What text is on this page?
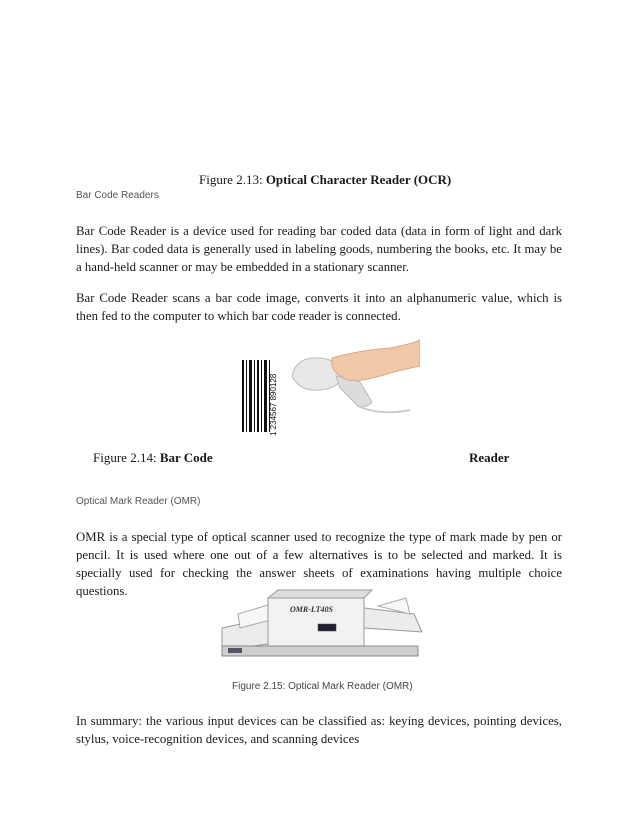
Figure 2.13: Optical Character Reader (OCR)
Bar Code Readers
Bar Code Reader is a device used for reading bar coded data (data in form of light and dark lines). Bar coded data is generally used in labeling goods, numbering the books, etc. It may be a hand-held scanner or may be embedded in a stationary scanner.
Bar Code Reader scans a bar code image, converts it into an alphanumeric value, which is then fed to the computer to which bar code reader is connected.
1 234567 890128
Figure 2.14: Bar Code	Reader
Optical Mark Reader (OMR)
OMR is a special type of optical scanner used to recognize the type of mark made by pen or pencil. It is used where one out of a few alternatives is to be selected and marked. It is specially used for checking the answer sheets of examinations having multiple choice questions.
OMR-LT40S
Figure 2.15: Optical Mark Reader (OMR)
In summary: the various input devices can be classified as: keying devices, pointing devices, stylus, voice-recognition devices, and scanning devices
